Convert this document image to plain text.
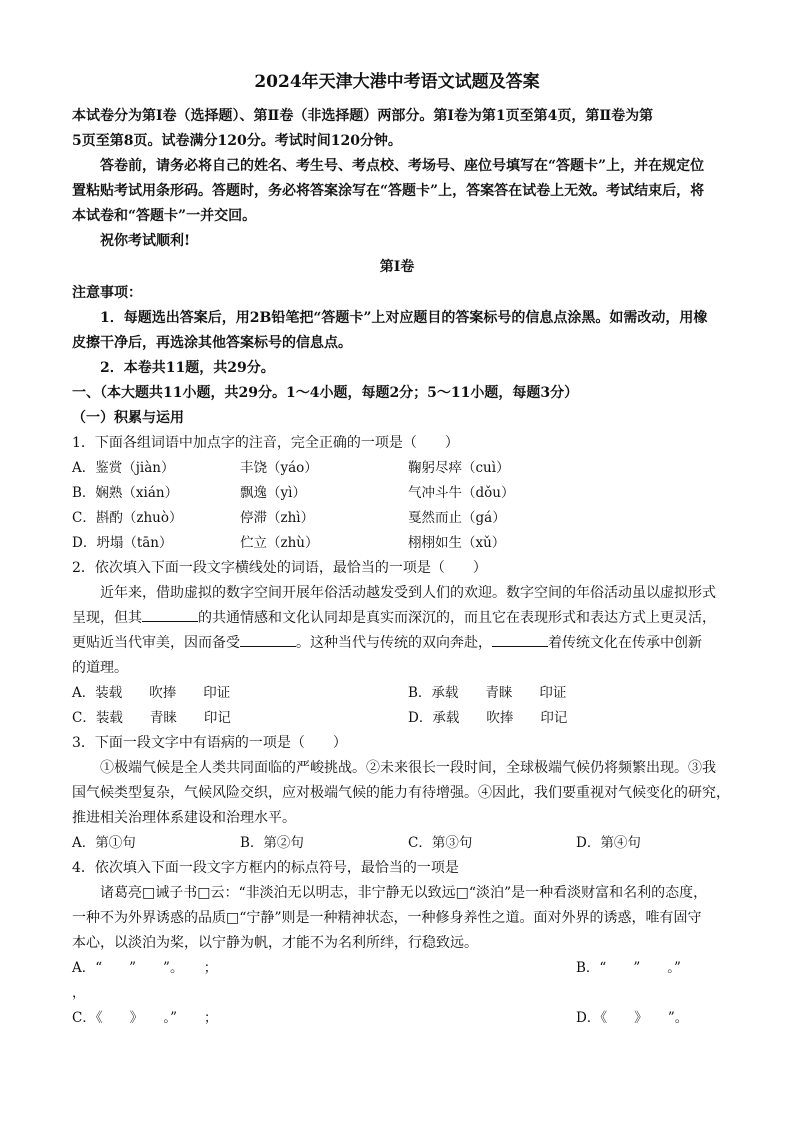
2024年天津大港中考语文试题及答案
本试卷分为第Ⅰ卷（选择题）、第Ⅱ卷（非选择题）两部分。第Ⅰ卷为第1页至第4页，第Ⅱ卷为第
5页至第8页。试卷满分120分。考试时间120分钟。
答卷前，请务必将自己的姓名、考生号、考点校、考场号、座位号填写在“答题卡”上，并在规定位
置粘贴考试用条形码。答题时，务必将答案涂写在“答题卡”上，答案答在试卷上无效。考试结束后，将
本试卷和“答题卡”一并交回。
祝你考试顺利!
第Ⅰ卷
注意事项：
1．每题选出答案后，用2B铅笔把“答题卡”上对应题目的答案标号的信息点涂黑。如需改动，用橡
皮擦干净后，再选涂其他答案标号的信息点。
2．本卷共11题，共29分。
一、（本大题共11小题，共29分。1～4小题，每题2分；5～11小题，每题3分）
（一）积累与运用
1．下面各组词语中加点字的注音，完全正确的一项是（　　）
A．鉴赏（jiàn）	丰饶（yáo）	鞠躬尽瘁（cuì）
B．娴熟（xián）	飘逸（yì）	气冲斗牛（dǒu）
C．斟酌（zhuò）	停滞（zhì）	戛然而止（gá）
D．坍塌（tān）	伫立（zhù）	栩栩如生（xǔ）
2．依次填入下面一段文字横线处的词语，最恰当的一项是（　　）
近年来，借助虚拟的数字空间开展年俗活动越发受到人们的欢迎。数字空间的年俗活动虽以虚拟形式
呈现，但其	的共通情感和文化认同却是真实而深沉的，而且它在表现形式和表达方式上更灵活，
更贴近当代审美，因而备受	。这种当代与传统的双向奔赴，	着传统文化在传承中创新
的道理。
A．装载　　吹捧　　印证	B．承载　　青睐　　印证
C．装载　　青睐　　印记	D．承载　　吹捧　　印记
3．下面一段文字中有语病的一项是（　　）
①极端气候是全人类共同面临的严峻挑战。②未来很长一段时间，全球极端气候仍将频繁出现。③我
国气候类型复杂，气候风险交织，应对极端气候的能力有待增强。④因此，我们要重视对气候变化的研究，
推进相关治理体系建设和治理水平。
A．第①句	B．第②句	C．第③句	D．第④句
4．依次填入下面一段文字方框内的标点符号，最恰当的一项是
诸葛亮□诫子书□云：“非淡泊无以明志，非宁静无以致远□“淡泊”是一种看淡财富和名利的态度，
一种不为外界诱惑的品质□“宁静”则是一种精神状态，一种修身养性之道。面对外界的诱惑，唯有固守
本心，以淡泊为桨，以宁静为帆，才能不为名利所绊，行稳致远。
A．“　　”　　”。　　；	B．“　　”　　。”
，
C．《　　》　　。”　　；	D．《　　》　　”。
